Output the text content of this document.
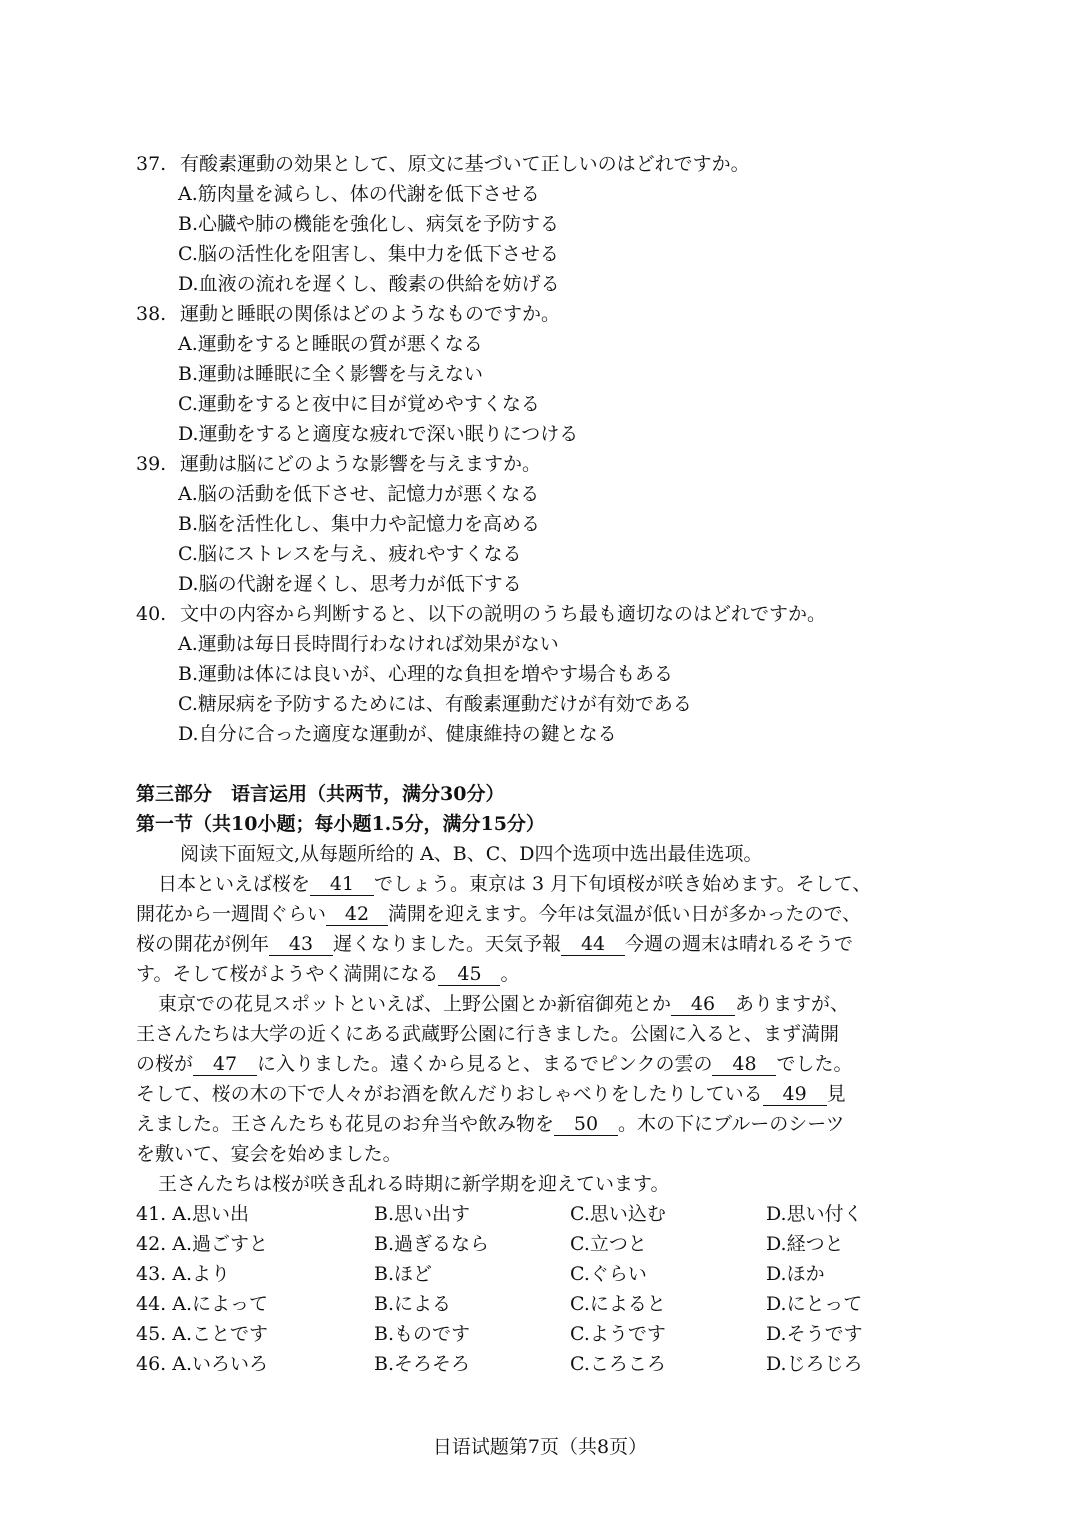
37. 有酸素運動の効果として、原文に基づいて正しいのはどれですか。
A.筋肉量を減らし、体の代謝を低下させる
B.心臓や肺の機能を強化し、病気を予防する
C.脳の活性化を阻害し、集中力を低下させる
D.血液の流れを遅くし、酸素の供給を妨げる
38. 運動と睡眠の関係はどのようなものですか。
A.運動をすると睡眠の質が悪くなる
B.運動は睡眠に全く影響を与えない
C.運動をすると夜中に目が覚めやすくなる
D.運動をすると適度な疲れで深い眠りにつける
39. 運動は脳にどのような影響を与えますか。
A.脳の活動を低下させ、記憶力が悪くなる
B.脳を活性化し、集中力や記憶力を高める
C.脳にストレスを与え、疲れやすくなる
D.脳の代謝を遅くし、思考力が低下する
40. 文中の内容から判断すると、以下の説明のうち最も適切なのはどれですか。
A.運動は毎日長時間行わなければ効果がない
B.運動は体には良いが、心理的な負担を増やす場合もある
C.糖尿病を予防するためには、有酸素運動だけが有効である
D.自分に合った適度な運動が、健康維持の鍵となる
第三部分　语言运用（共两节，满分30分）
第一节（共10小题；每小题1.5分，满分15分）
阅读下面短文,从每题所给的 A、B、C、D四个选项中选出最佳选项。
日本といえば桜を 41 でしょう。東京は 3 月下旬頃桜が咲き始めます。そして、
開花から一週間ぐらい 42 満開を迎えます。今年は気温が低い日が多かったので、
桜の開花が例年 43 遅くなりました。天気予報 44 今週の週末は晴れるそうで
す。そして桜がようやく満開になる 45 。
東京での花見スポットといえば、上野公園とか新宿御苑とか 46 ありますが、
王さんたちは大学の近くにある武蔵野公園に行きました。公園に入ると、まず満開
の桜が 47 に入りました。遠くから見ると、まるでピンクの雲の 48 でした。
そして、桜の木の下で人々がお酒を飲んだりおしゃべりをしたりしている 49 見
えました。王さんたちも花見のお弁当や飲み物を 50 。木の下にブルーのシーツ
を敷いて、宴会を始めました。
王さんたちは桜が咲き乱れる時期に新学期を迎えています。
41. A.思い出	B.思い出す	C.思い込む	D.思い付く
42. A.過ごすと	B.過ぎるなら	C.立つと	D.経つと
43. A.より	B.ほど	C.ぐらい	D.ほか
44. A.によって	B.による	C.によると	D.にとって
45. A.ことです	B.ものです	C.ようです	D.そうです
46. A.いろいろ	B.そろそろ	C.ころころ	D.じろじろ
日语试题第7页（共8页）
